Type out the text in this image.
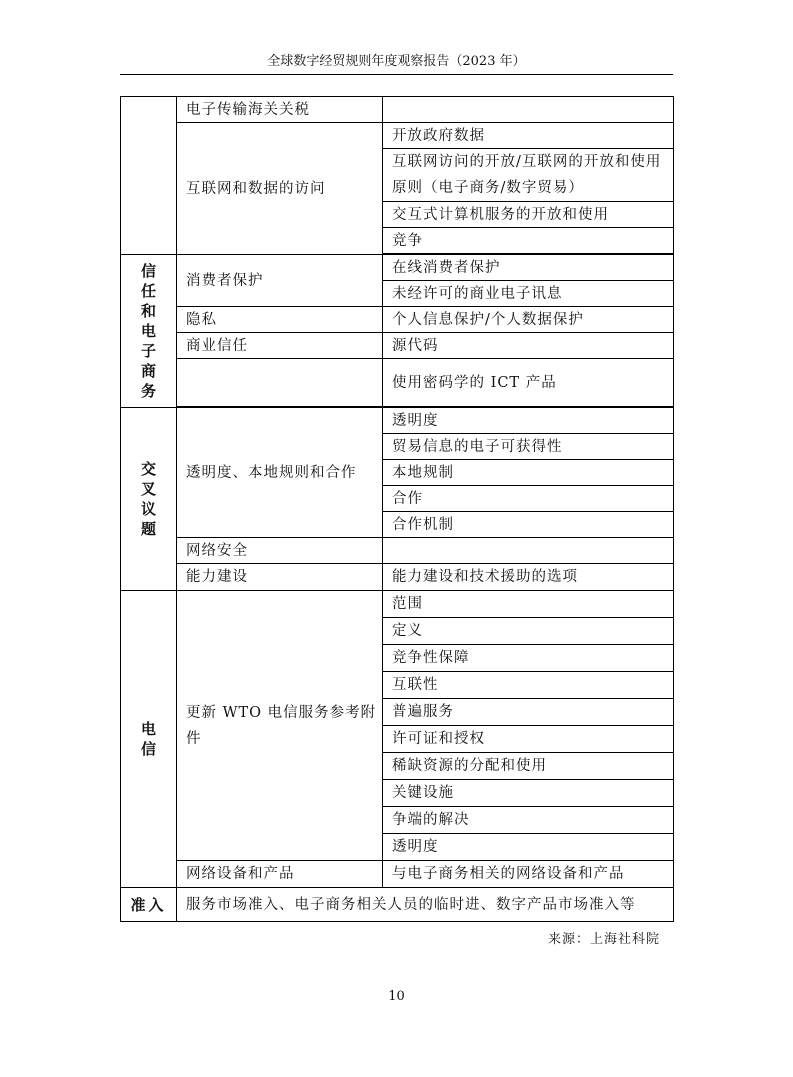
全球数字经贸规则年度观察报告（2023 年）
	电子传输海关关税	
	互联网和数据的访问	开放政府数据
		互联网访问的开放/互联网的开放和使用原则（电子商务/数字贸易）
		交互式计算机服务的开放和使用
		竞争

信任和电子商务	消费者保护	在线消费者保护
		未经许可的商业电子讯息
	隐私	个人信息保护/个人数据保护
	商业信任	源代码
		使用密码学的 ICT 产品

交叉议题	透明度、本地规则和合作	透明度
		贸易信息的电子可获得性
		本地规制
		合作
		合作机制
	网络安全	
	能力建设	能力建设和技术援助的选项
电信	更新 WTO 电信服务参考附件	范围
		定义
		竞争性保障
		互联性
		普遍服务
		许可证和授权
		稀缺资源的分配和使用
		关键设施
		争端的解决
		透明度
	网络设备和产品	与电子商务相关的网络设备和产品
准入	服务市场准入、电子商务相关人员的临时进、数字产品市场准入等	
来源：上海社科院
10
